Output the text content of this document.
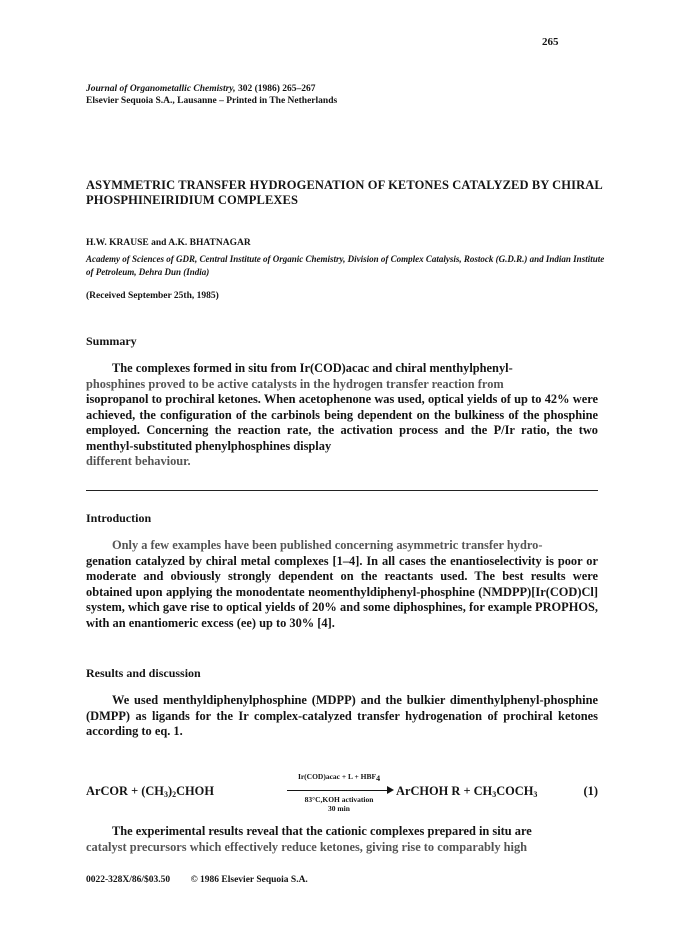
265
Journal of Organometallic Chemistry, 302 (1986) 265–267
Elsevier Sequoia S.A., Lausanne – Printed in The Netherlands
ASYMMETRIC TRANSFER HYDROGENATION OF KETONES CATALYZED BY CHIRAL PHOSPHINEIRIDIUM COMPLEXES
H.W. KRAUSE and A.K. BHATNAGAR
Academy of Sciences of GDR, Central Institute of Organic Chemistry, Division of Complex Catalysis, Rostock (G.D.R.) and Indian Institute of Petroleum, Dehra Dun (India)
(Received September 25th, 1985)
Summary

The complexes formed in situ from Ir(COD)acac and chiral menthylphenyl-

phosphines proved to be active catalysts in the hydrogen transfer reaction from
isopropanol to prochiral ketones. When acetophenone was used, optical yields of up to 42% were achieved, the configuration of the carbinols being dependent on the bulkiness of the phosphine employed. Concerning the reaction rate, the activation process and the P/Ir ratio, the two menthyl-substituted phenylphosphines display
different behaviour.
Introduction

Only a few examples have been published concerning asymmetric transfer hydro-

genation catalyzed by chiral metal complexes [1–4]. In all cases the enantioselectivity is poor or moderate and obviously strongly dependent on the reactants used. The best results were obtained upon applying the monodentate neomenthyldiphenyl-phosphine (NMDPP)[Ir(COD)Cl] system, which gave rise to optical yields of 20% and some diphosphines, for example PROPHOS, with an enantiomeric excess (ee) up to 30% [4].
Results and discussion

We used menthyldiphenylphosphine (MDPP) and the bulkier dimenthylphenyl-phosphine (DMPP) as ligands for the Ir complex-catalyzed transfer hydrogenation of prochiral ketones according to eq. 1.

ArCOR + $(CH_3)_2CHOH$
Ir(COD)acac + $L + HBF_4$
83°C,KOH activation
30 min
ArCHOH $R + CH_3COCH_3$	(1)

The experimental results reveal that the cationic complexes prepared in situ are

catalyst precursors which effectively reduce ketones, giving rise to comparably high
0022-328X/86/$03.50 © 1986 Elsevier Sequoia S.A.
